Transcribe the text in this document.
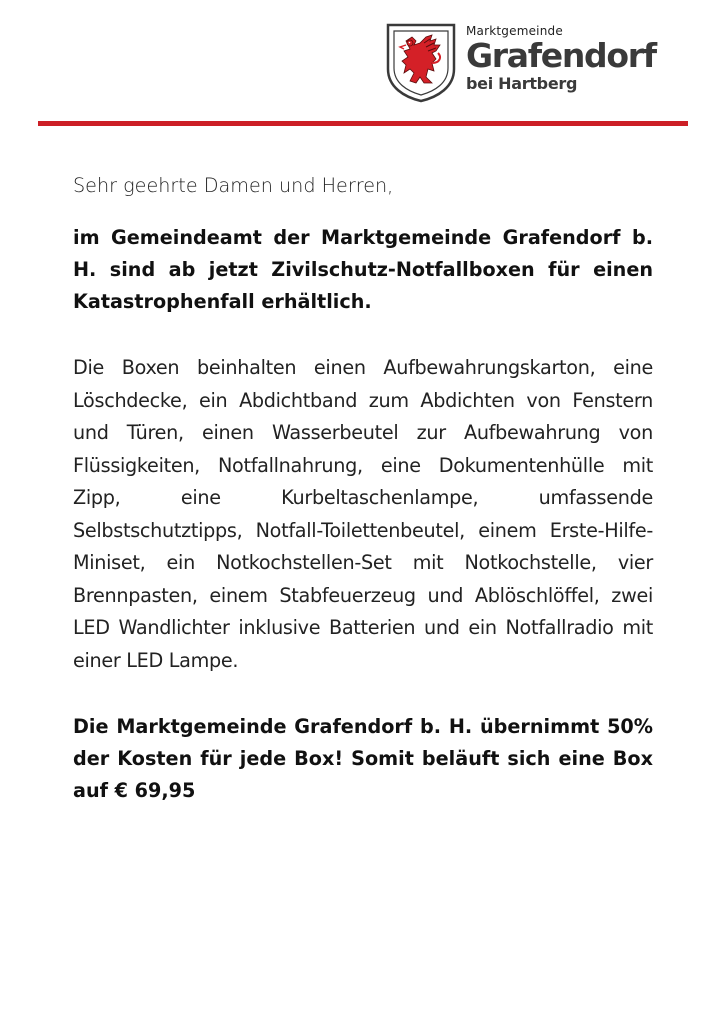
Marktgemeinde
Grafendorf
bei Hartberg

Sehr geehrte Damen und Herren,

im Gemeindeamt der Marktgemeinde Grafendorf b. H. sind ab jetzt Zivilschutz-Notfallboxen für einen Katastrophenfall erhältlich.

Die Boxen beinhalten einen Aufbewahrungskarton, eine Löschdecke, ein Abdichtband zum Abdichten von Fenstern und Türen, einen Wasserbeutel zur Aufbewahrung von Flüssigkeiten, Notfallnahrung, eine Dokumentenhülle mit Zipp, eine Kurbeltaschenlampe, umfassende Selbstschutztipps, Notfall-Toilettenbeutel, einem Erste-Hilfe-Miniset, ein Notkochstellen-Set mit Notkochstelle, vier Brennpasten, einem Stabfeuerzeug und Ablöschlöffel, zwei LED Wandlichter inklusive Batterien und ein Notfallradio mit einer LED Lampe.

Die Marktgemeinde Grafendorf b. H. übernimmt 50% der Kosten für jede Box! Somit beläuft sich eine Box auf € 69,95
